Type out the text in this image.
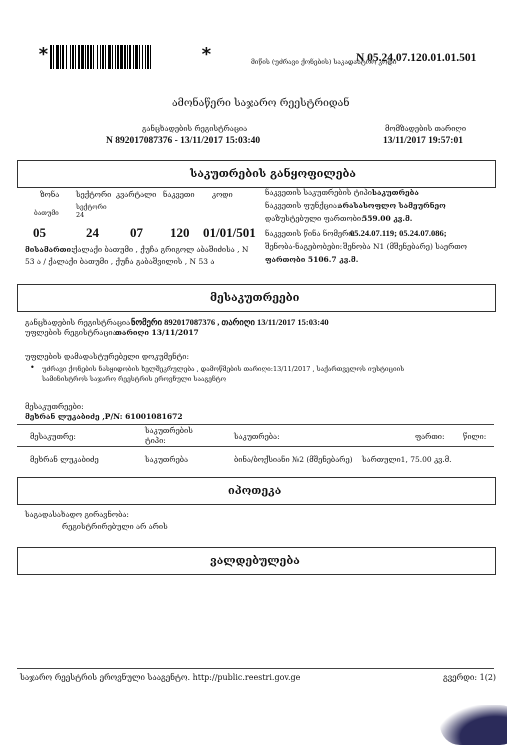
*	*	მიწის (უძრავი ქონების) საკადასტრო კოდი
N 05.24.07.120.01.01.501
ამონაწერი საჯარო რეესტრიდან
განცხადების რეგისტრაცია
N 892017087376 - 13/11/2017 15:03:40
მომზადების თარიღი
13/11/2017 19:57:01
საკუთრების განყოფილება
ზონა სექტორი კვარტალი ნაკვეთი კოდი
ბათუმი
სექტორი 24
05	24 07 120 01/01/501
მისამართი: ქალაქი ბათუმი , ქუჩა გრიგოლ აბაშიძისა , N
53 ა / ქალაქი ბათუმი , ქუჩა გაბაშვილის , N 53 ა
ნაკვეთის საკუთრების ტიპი:
საკუთრება
ნაკვეთის ფუნქცია:
არასასოფლო სამეურნეო
დაზუსტებული ფართობი:
559.00 კვ.მ.
ნაკვეთის წინა ნომერი:
05.24.07.119; 05.24.07.086;
შენობა-ნაგებობები: შენობა N1 (მშენებარე) საერთო
ფართობი 5106.7 კვ.მ.
მესაკუთრეები
განცხადების რეგისტრაცია :
ნომერი 892017087376 , თარიღი 13/11/2017 15:03:40
უფლების რეგისტრაცია:
თარიღი 13/11/2017
უფლების დამადასტურებელი დოკუმენტი:
• უძრავი ქონების ნასყიდობის ხელშეკრულება , დამოწმების თარიღი:13/11/2017 , საქართველოს იუსტიციის
სამინისტროს საჯარო რეესტრის ეროვნული სააგენტო
მესაკუთრეები:
მეხრან ლუკაბიძე ,P/N: 61001081672
მესაკუთრე:
საკუთრების
ტიპი:	საკუთრება:	ფართი: წილი:
მეხრან ლუკაბიძე	საკუთრება	ბინა/ბოქსიანი №2 (მშენებარე) სართული1, 75.00 კვ.მ.
იპოთეკა
საგადასახადო გირავნობა:
რეგისტრირებული არ არის
ვალდებულება
საჯარო რეესტრის ეროვნული სააგენტო. http://public.reestri.gov.ge	გვერდი: 1(2)
